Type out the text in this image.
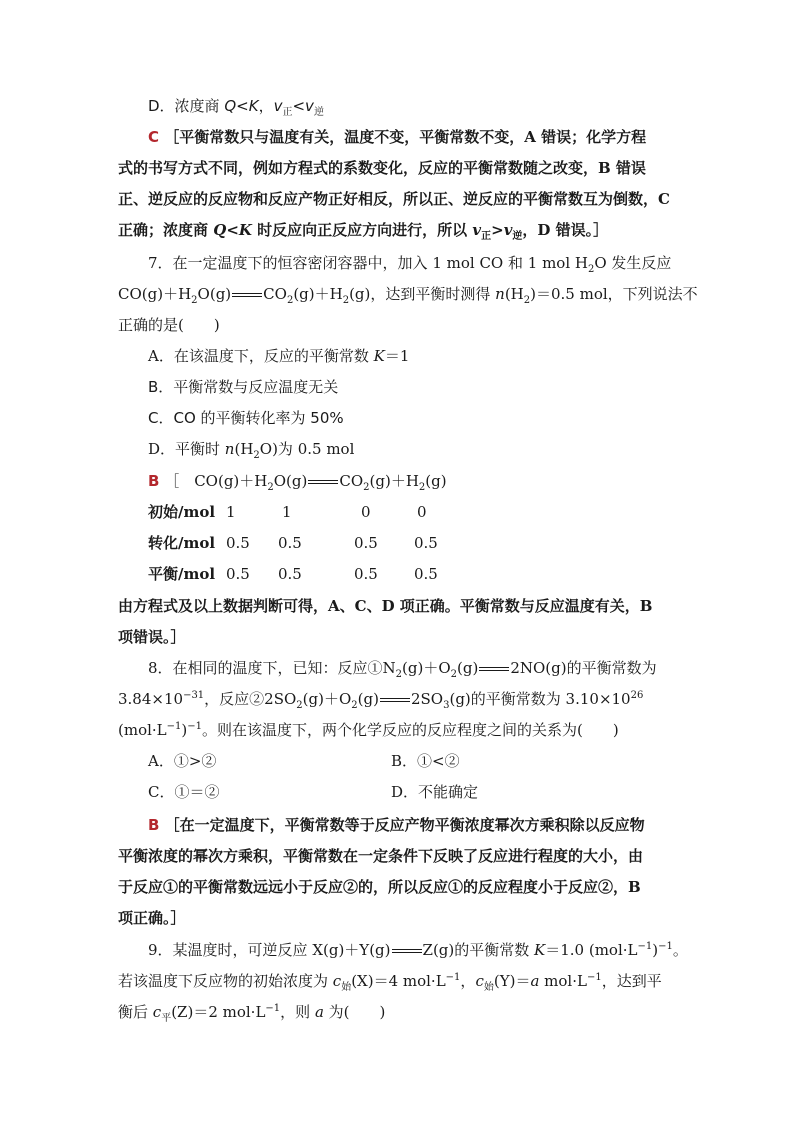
D．浓度商 Q<K，$v_正<v_逆$
C ［平衡常数只与温度有关，温度不变，平衡常数不变，A 错误；化学方程
式的书写方式不同，例如方程式的系数变化，反应的平衡常数随之改变，B 错误
正、逆反应的反应物和反应产物正好相反，所以正、逆反应的平衡常数互为倒数，C
正确；浓度商 Q<K 时反应向正反应方向进行，所以 $v_正>v_逆$，D 错误。］
7．在一定温度下的恒容密闭容器中，加入 1 mol CO 和 1 mol $H_2O$ 发生反应
$CO(g)+H_2O(g)$ $CO_2(g)+H_2(g)$，达到平衡时测得 $n(H_2)=0.5$ mol，下列说法不
正确的是(　　)
A．在该温度下，反应的平衡常数 K＝1
B．平衡常数与反应温度无关
C．CO 的平衡转化率为 50%
D．平衡时 $n(H_2O)$为 0.5 mol
B ［　$CO(g)+H_2O(g)$ $CO_2(g)+H_2(g)$
初始/mol 1	1	0	0
转化/mol 0.5 0.5	0.5 0.5
平衡/mol 0.5 0.5	0.5 0.5
由方程式及以上数据判断可得，A、C、D 项正确。平衡常数与反应温度有关，B
项错误。］
8．在相同的温度下，已知：反应$①N_2(g)+O_2(g)$ 2NO(g)的平衡常数为
$3.84\times 10^{-31}$，反应$②2SO_2(g)+O_2(g)$ $2SO_3(g)$的平衡常数为 $3.10\times 10^{26}$
$(mol\cdot L^{-1})^{-1}$。则在该温度下，两个化学反应的反应程度之间的关系为(　　)
A．①>②	B．①<②
C．①＝②	D．不能确定
B ［在一定温度下，平衡常数等于反应产物平衡浓度幂次方乘积除以反应物
平衡浓度的幂次方乘积，平衡常数在一定条件下反映了反应进行程度的大小，由
于反应①的平衡常数远远小于反应②的，所以反应①的反应程度小于反应②，B
项正确。］
9．某温度时，可逆反应 X(g)＋Y(g) Z(g)的平衡常数 K＝1.0 $(mol\cdot L^{-1})^{-1}$。
若该温度下反应物的初始浓度为 $c_始(X)=4$ $mol\cdot L^{-1}$，$c_始(Y)=a$ $mol\cdot L^{-1}$，达到平
衡后 $c_平(Z)=2$ $mol\cdot L^{-1}$，则 a 为(　　)
